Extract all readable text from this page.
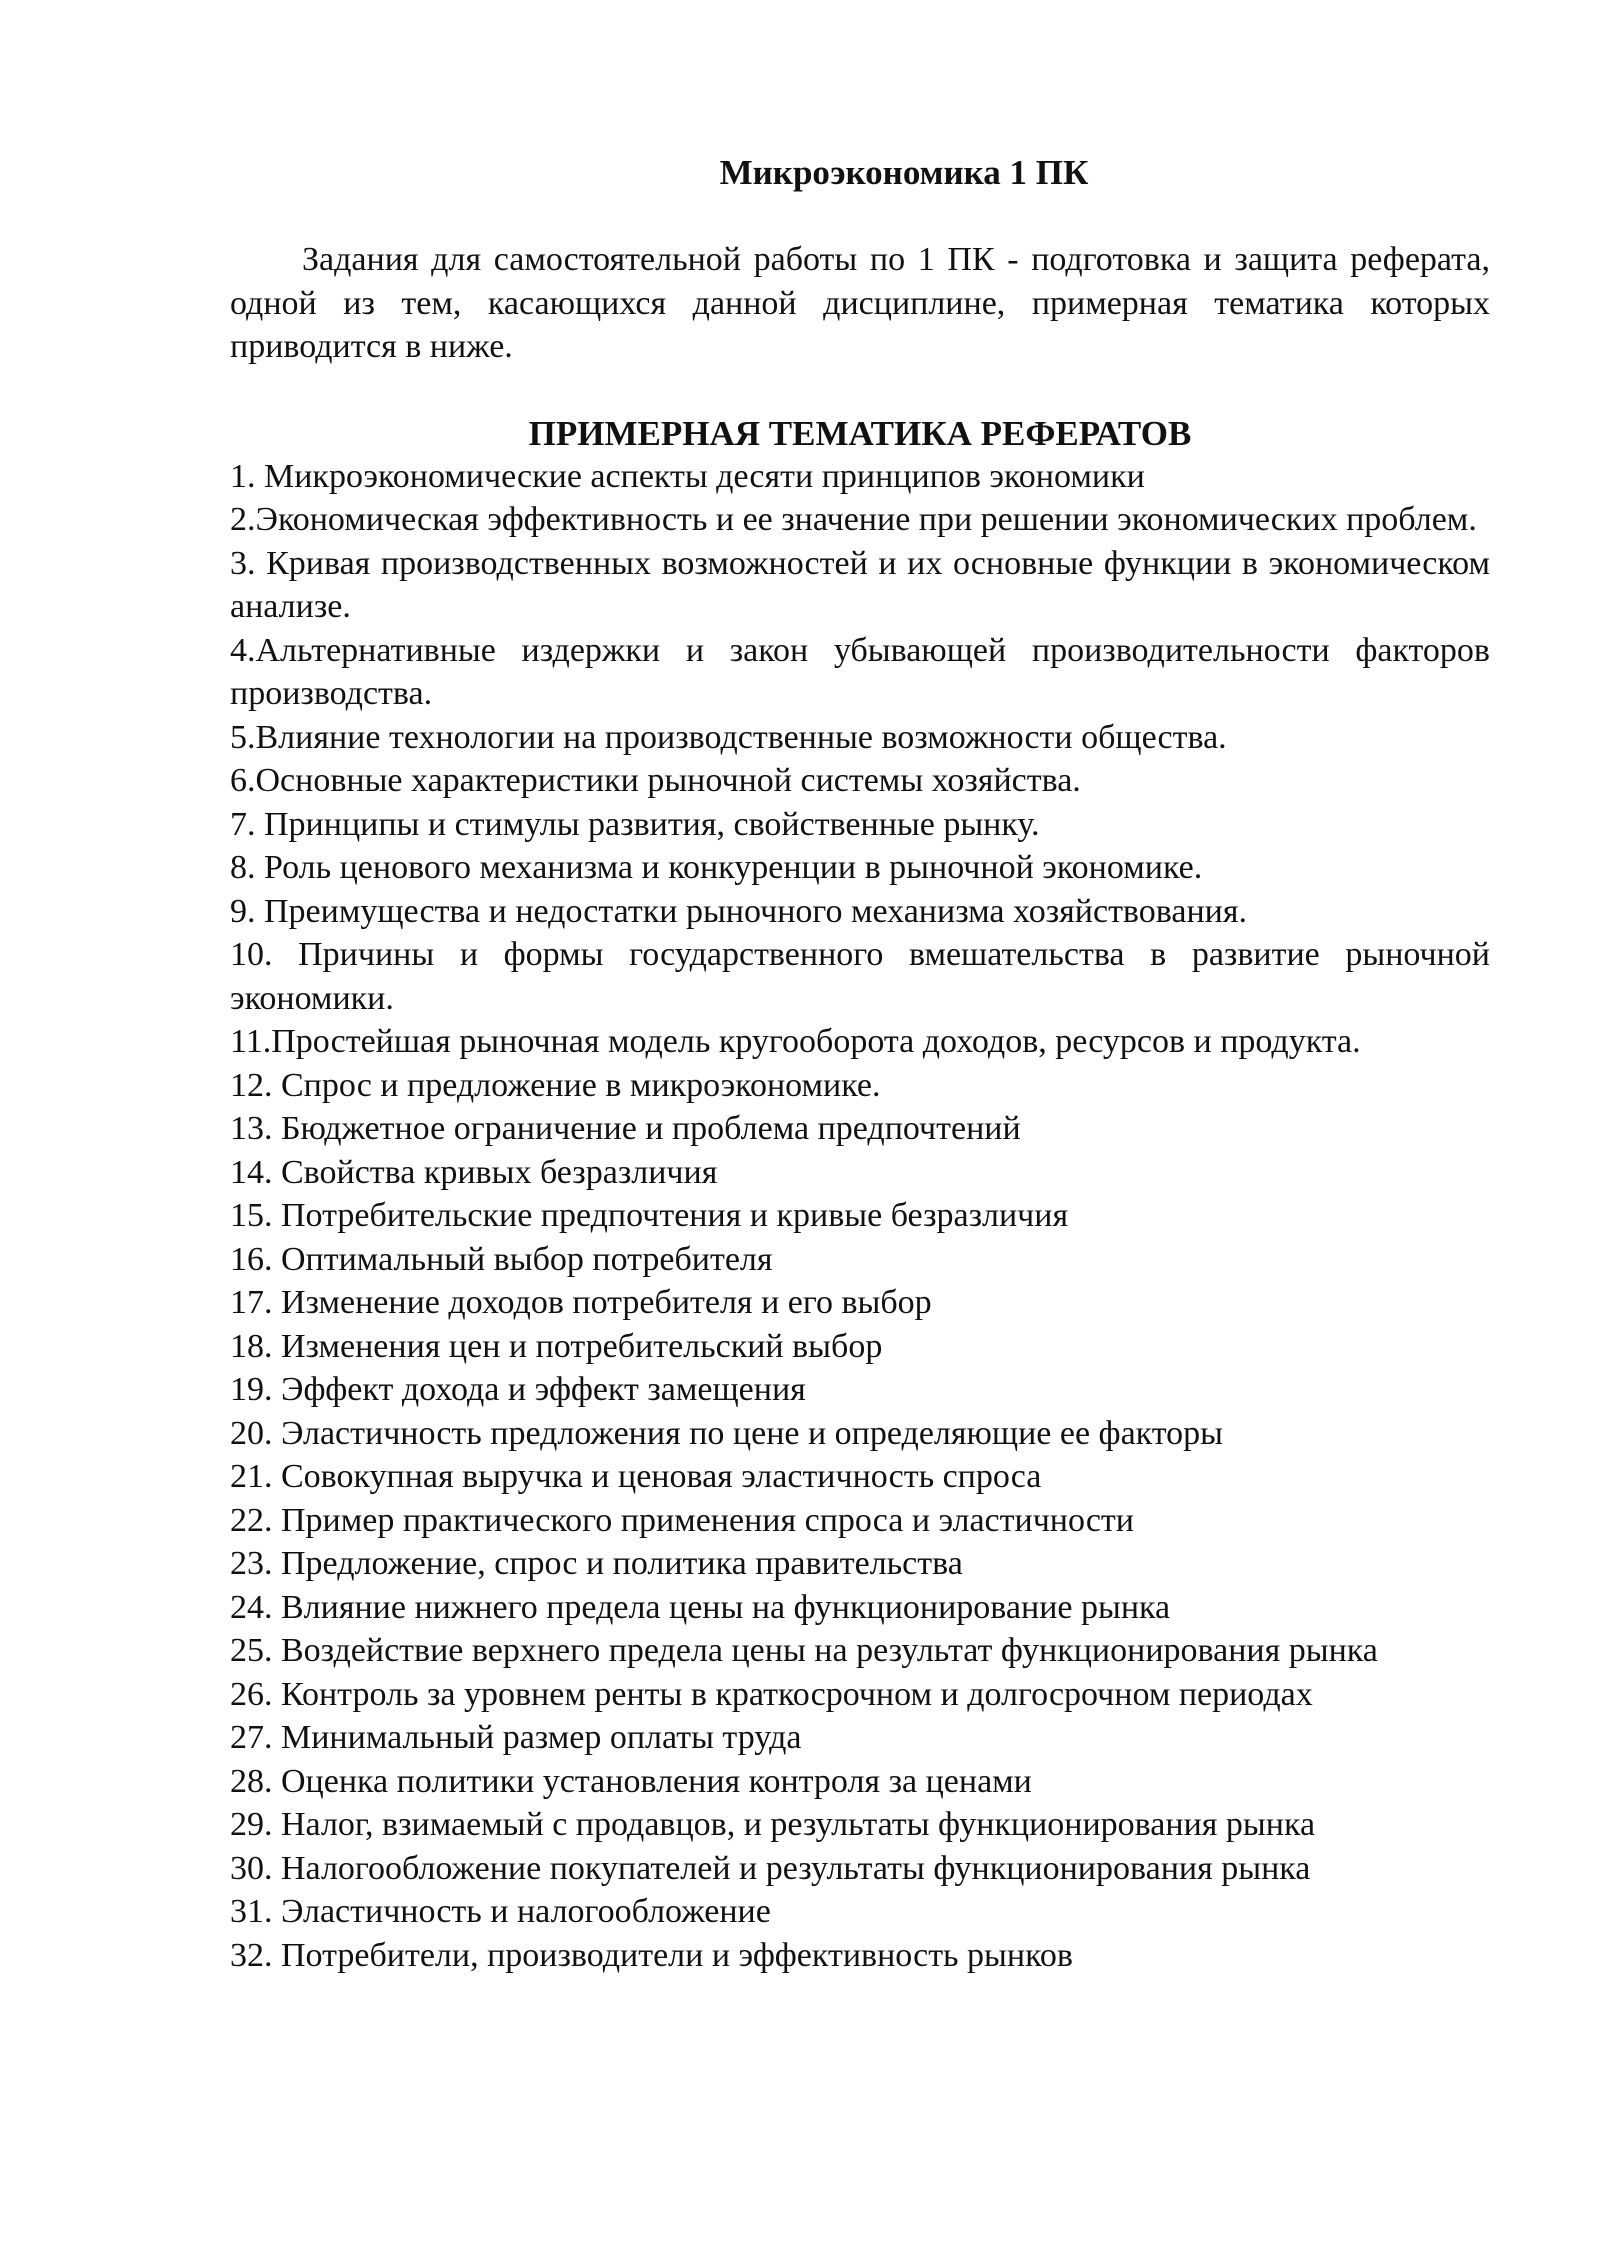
Микроэкономика 1 ПК

Задания для самостоятельной работы по 1 ПК - подготовка и защита реферата, одной из тем, касающихся данной дисциплине, примерная тематика которых приводится в ниже.

ПРИМЕРНАЯ ТЕМАТИКА РЕФЕРАТОВ
1. Микроэкономические аспекты десяти принципов экономики
2.Экономическая эффективность и ее значение при решении экономических проблем.
3. Кривая производственных возможностей и их основные функции в экономическом анализе.
4.Альтернативные издержки и закон убывающей производительности факторов производства.
5.Влияние технологии на производственные возможности общества.
6.Основные характеристики рыночной системы хозяйства.
7. Принципы и стимулы развития, свойственные рынку.
8. Роль ценового механизма и конкуренции в рыночной экономике.
9. Преимущества и недостатки рыночного механизма хозяйствования.
10. Причины и формы государственного вмешательства в развитие рыночной экономики.
11.Простейшая рыночная модель кругооборота доходов, ресурсов и продукта.
12. Спрос и предложение в микроэкономике.
13. Бюджетное ограничение и проблема предпочтений
14. Свойства кривых безразличия
15. Потребительские предпочтения и кривые безразличия
16. Оптимальный выбор потребителя
17. Изменение доходов потребителя и его выбор
18. Изменения цен и потребительский выбор
19. Эффект дохода и эффект замещения
20. Эластичность предложения по цене и определяющие ее факторы
21. Совокупная выручка и ценовая эластичность спроса
22. Пример практического применения спроса и эластичности
23. Предложение, спрос и политика правительства
24. Влияние нижнего предела цены на функционирование рынка
25. Воздействие верхнего предела цены на результат функционирования рынка
26. Контроль за уровнем ренты в краткосрочном и долгосрочном периодах
27. Минимальный размер оплаты труда
28. Оценка политики установления контроля за ценами
29. Налог, взимаемый с продавцов, и результаты функционирования рынка
30. Налогообложение покупателей и результаты функционирования рынка
31. Эластичность и налогообложение
32. Потребители, производители и эффективность рынков
